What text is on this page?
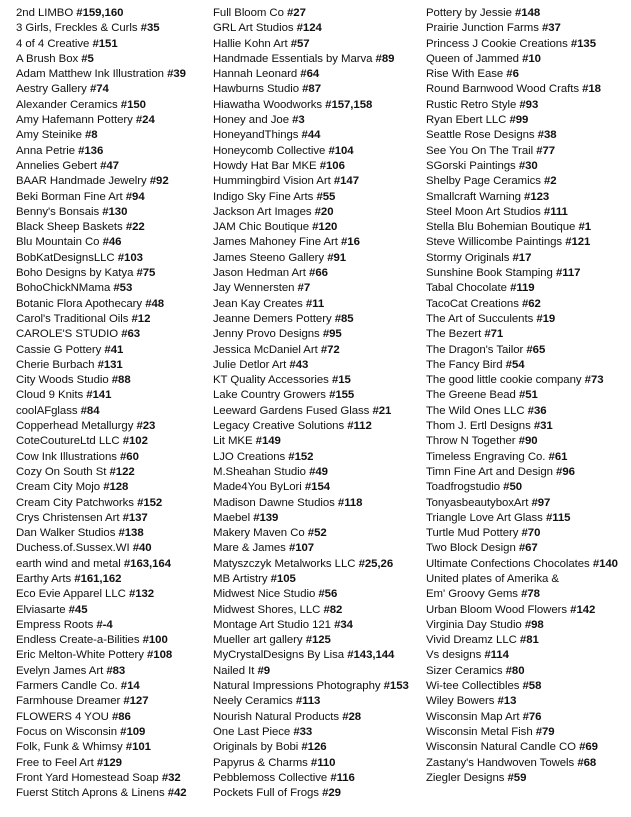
2nd LIMBO #159,160
3 Girls, Freckles & Curls #35
4 of 4 Creative #151
A Brush Box #5
Adam Matthew Ink Illustration #39
Aestry Gallery #74
Alexander Ceramics #150
Amy Hafemann Pottery #24
Amy Steinike #8
Anna Petrie #136
Annelies Gebert #47
BAAR Handmade Jewelry #92
Beki Borman Fine Art #94
Benny's Bonsais #130
Black Sheep Baskets #22
Blu Mountain Co #46
BobKatDesignsLLC #103
Boho Designs by Katya #75
BohoChickNMama #53
Botanic Flora Apothecary #48
Carol's Traditional Oils #12
CAROLE'S STUDIO #63
Cassie G Pottery #41
Cherie Burbach #131
City Woods Studio #88
Cloud 9 Knits #141
coolAFglass #84
Copperhead Metallurgy #23
CoteCoutureLtd LLC #102
Cow Ink Illustrations #60
Cozy On South St #122
Cream City Mojo #128
Cream City Patchworks #152
Crys Christensen Art #137
Dan Walker Studios #138
Duchess.of.Sussex.WI #40
earth wind and metal #163,164
Earthy Arts #161,162
Eco Evie Apparel LLC #132
Elviasarte #45
Empress Roots #-4
Endless Create-a-Bilities #100
Eric Melton-White Pottery #108
Evelyn James Art #83
Farmers Candle Co. #14
Farmhouse Dreamer #127
FLOWERS 4 YOU #86
Focus on Wisconsin #109
Folk, Funk & Whimsy #101
Free to Feel Art #129
Front Yard Homestead Soap #32
Fuerst Stitch Aprons & Linens #42
Full Bloom Co #27
GRL Art Studios #124
Hallie Kohn Art #57
Handmade Essentials by Marva #89
Hannah Leonard #64
Hawburns Studio #87
Hiawatha Woodworks #157,158
Honey and Joe #3
HoneyandThings #44
Honeycomb Collective #104
Howdy Hat Bar MKE #106
Hummingbird Vision Art #147
Indigo Sky Fine Arts #55
Jackson Art Images #20
JAM Chic Boutique #120
James Mahoney Fine Art #16
James Steeno Gallery #91
Jason Hedman Art #66
Jay Wennersten #7
Jean Kay Creates #11
Jeanne Demers Pottery #85
Jenny Provo Designs #95
Jessica McDaniel Art #72
Julie Detlor Art #43
KT Quality Accessories #15
Lake Country Growers #155
Leeward Gardens Fused Glass #21
Legacy Creative Solutions #112
Lit MKE #149
LJO Creations #152
M.Sheahan Studio #49
Made4You ByLori #154
Madison Dawne Studios #118
Maebel #139
Makery Maven Co #52
Mare & James #107
Matyszczyk Metalworks LLC #25,26
MB Artistry #105
Midwest Nice Studio #56
Midwest Shores, LLC #82
Montage Art Studio 121 #34
Mueller art gallery #125
MyCrystalDesigns By Lisa #143,144
Nailed It #9
Natural Impressions Photography #153
Neely Ceramics #113
Nourish Natural Products #28
One Last Piece #33
Originals by Bobi #126
Papyrus & Charms #110
Pebblemoss Collective #116
Pockets Full of Frogs #29
Pottery by Jessie #148
Prairie Junction Farms #37
Princess J Cookie Creations #135
Queen of Jammed #10
Rise With Ease #6
Round Barnwood Wood Crafts #18
Rustic Retro Style #93
Ryan Ebert LLC #99
Seattle Rose Designs #38
See You On The Trail #77
SGorski Paintings #30
Shelby Page Ceramics #2
Smallcraft Warning #123
Steel Moon Art Studios #111
Stella Blu Bohemian Boutique #1
Steve Willicombe Paintings #121
Stormy Originals #17
Sunshine Book Stamping #117
Tabal Chocolate #119
TacoCat Creations #62
The Art of Succulents #19
The Bezert #71
The Dragon's Tailor #65
The Fancy Bird #54
The good little cookie company #73
The Greene Bead #51
The Wild Ones LLC #36
Thom J. Ertl Designs #31
Throw N Together #90
Timeless Engraving Co. #61
Timn Fine Art and Design #96
Toadfrogstudio #50
TonyasbeautyboxArt #97
Triangle Love Art Glass #115
Turtle Mud Pottery #70
Two Block Design #67
Ultimate Confections Chocolates #140
United plates of Amerika &
Em' Groovy Gems #78
Urban Bloom Wood Flowers #142
Virginia Day Studio #98
Vivid Dreamz LLC #81
Vs designs #114
Sizer Ceramics #80
Wi-tee Collectibles #58
Wiley Bowers #13
Wisconsin Map Art #76
Wisconsin Metal Fish #79
Wisconsin Natural Candle CO #69
Zastany's Handwoven Towels #68
Ziegler Designs #59
